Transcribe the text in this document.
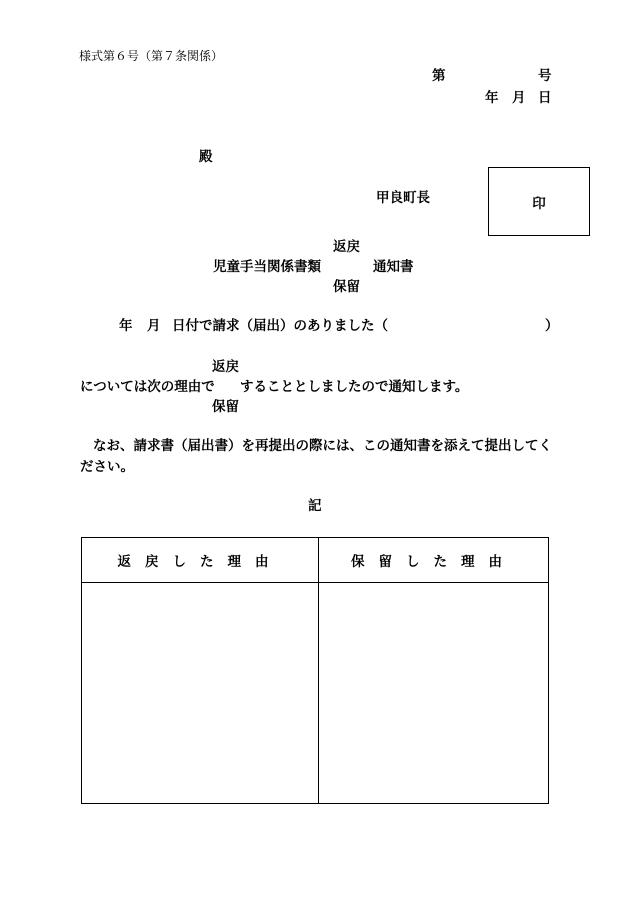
様式第６号（第７条関係）
第	号
年 月 日
殿
甲良町長	印
返戻
児童手当関係書類	通知書
保留
年 月 日付で請求（届出）のありました（	）
返戻
については次の理由で することとしましたので通知します。
保留
なお、請求書（届出書）を再提出の際には、この通知書を添えて提出してく
ださい。
記
返戻した理由	保留した理由
